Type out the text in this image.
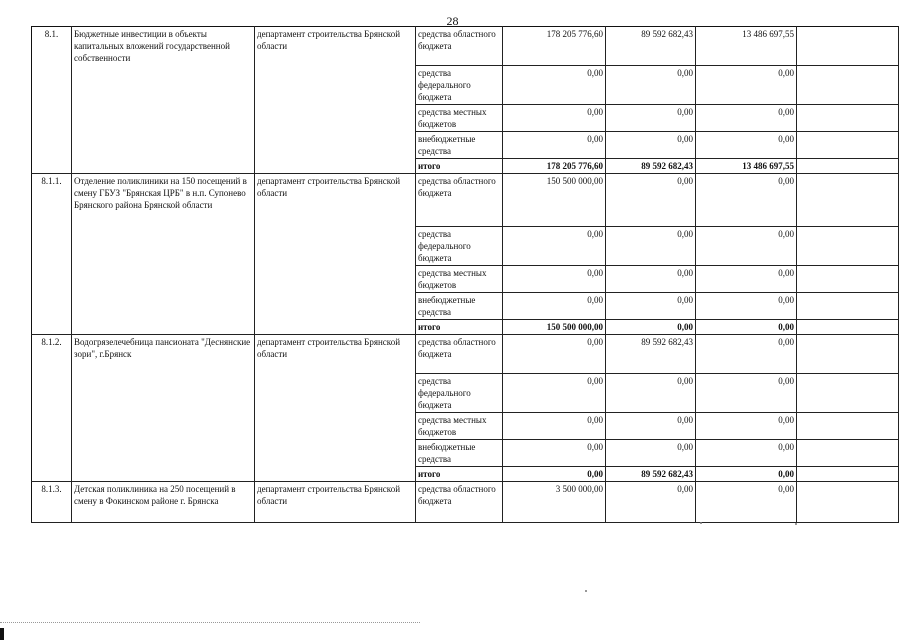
28
8.1.	Бюджетные инвестиции в объекты капитальных вложений государственной собственности	департамент строительства Брянской области	средства областного бюджета	178 205 776,60	89 592 682,43	13 486 697,55	
			средства федерального бюджета	0,00	0,00	0,00	
			средства местных бюджетов	0,00	0,00	0,00	
			внебюджетные средства	0,00	0,00	0,00	
			итого	178 205 776,60	89 592 682,43	13 486 697,55	
8.1.1.	Отделение поликлиники на 150 посещений в смену ГБУЗ "Брянская ЦРБ" в н.п. Супонево Брянского района Брянской области	департамент строительства Брянской области	средства областного бюджета	150 500 000,00	0,00	0,00	
			средства федерального бюджета	0,00	0,00	0,00	
			средства местных бюджетов	0,00	0,00	0,00	
			внебюджетные средства	0,00	0,00	0,00	
			итого	150 500 000,00	0,00	0,00	
8.1.2.	Водогрязелечебница пансионата "Деснянские зори", г.Брянск	департамент строительства Брянской области	средства областного бюджета	0,00	89 592 682,43	0,00	
			средства федерального бюджета	0,00	0,00	0,00	
			средства местных бюджетов	0,00	0,00	0,00	
			внебюджетные средства	0,00	0,00	0,00	
			итого	0,00	89 592 682,43	0,00	
8.1.3.	Детская поликлиника на 250 посещений в смену в Фокинском районе г. Брянска	департамент строительства Брянской области	средства областного бюджета	3 500 000,00	0,00	0,00	
